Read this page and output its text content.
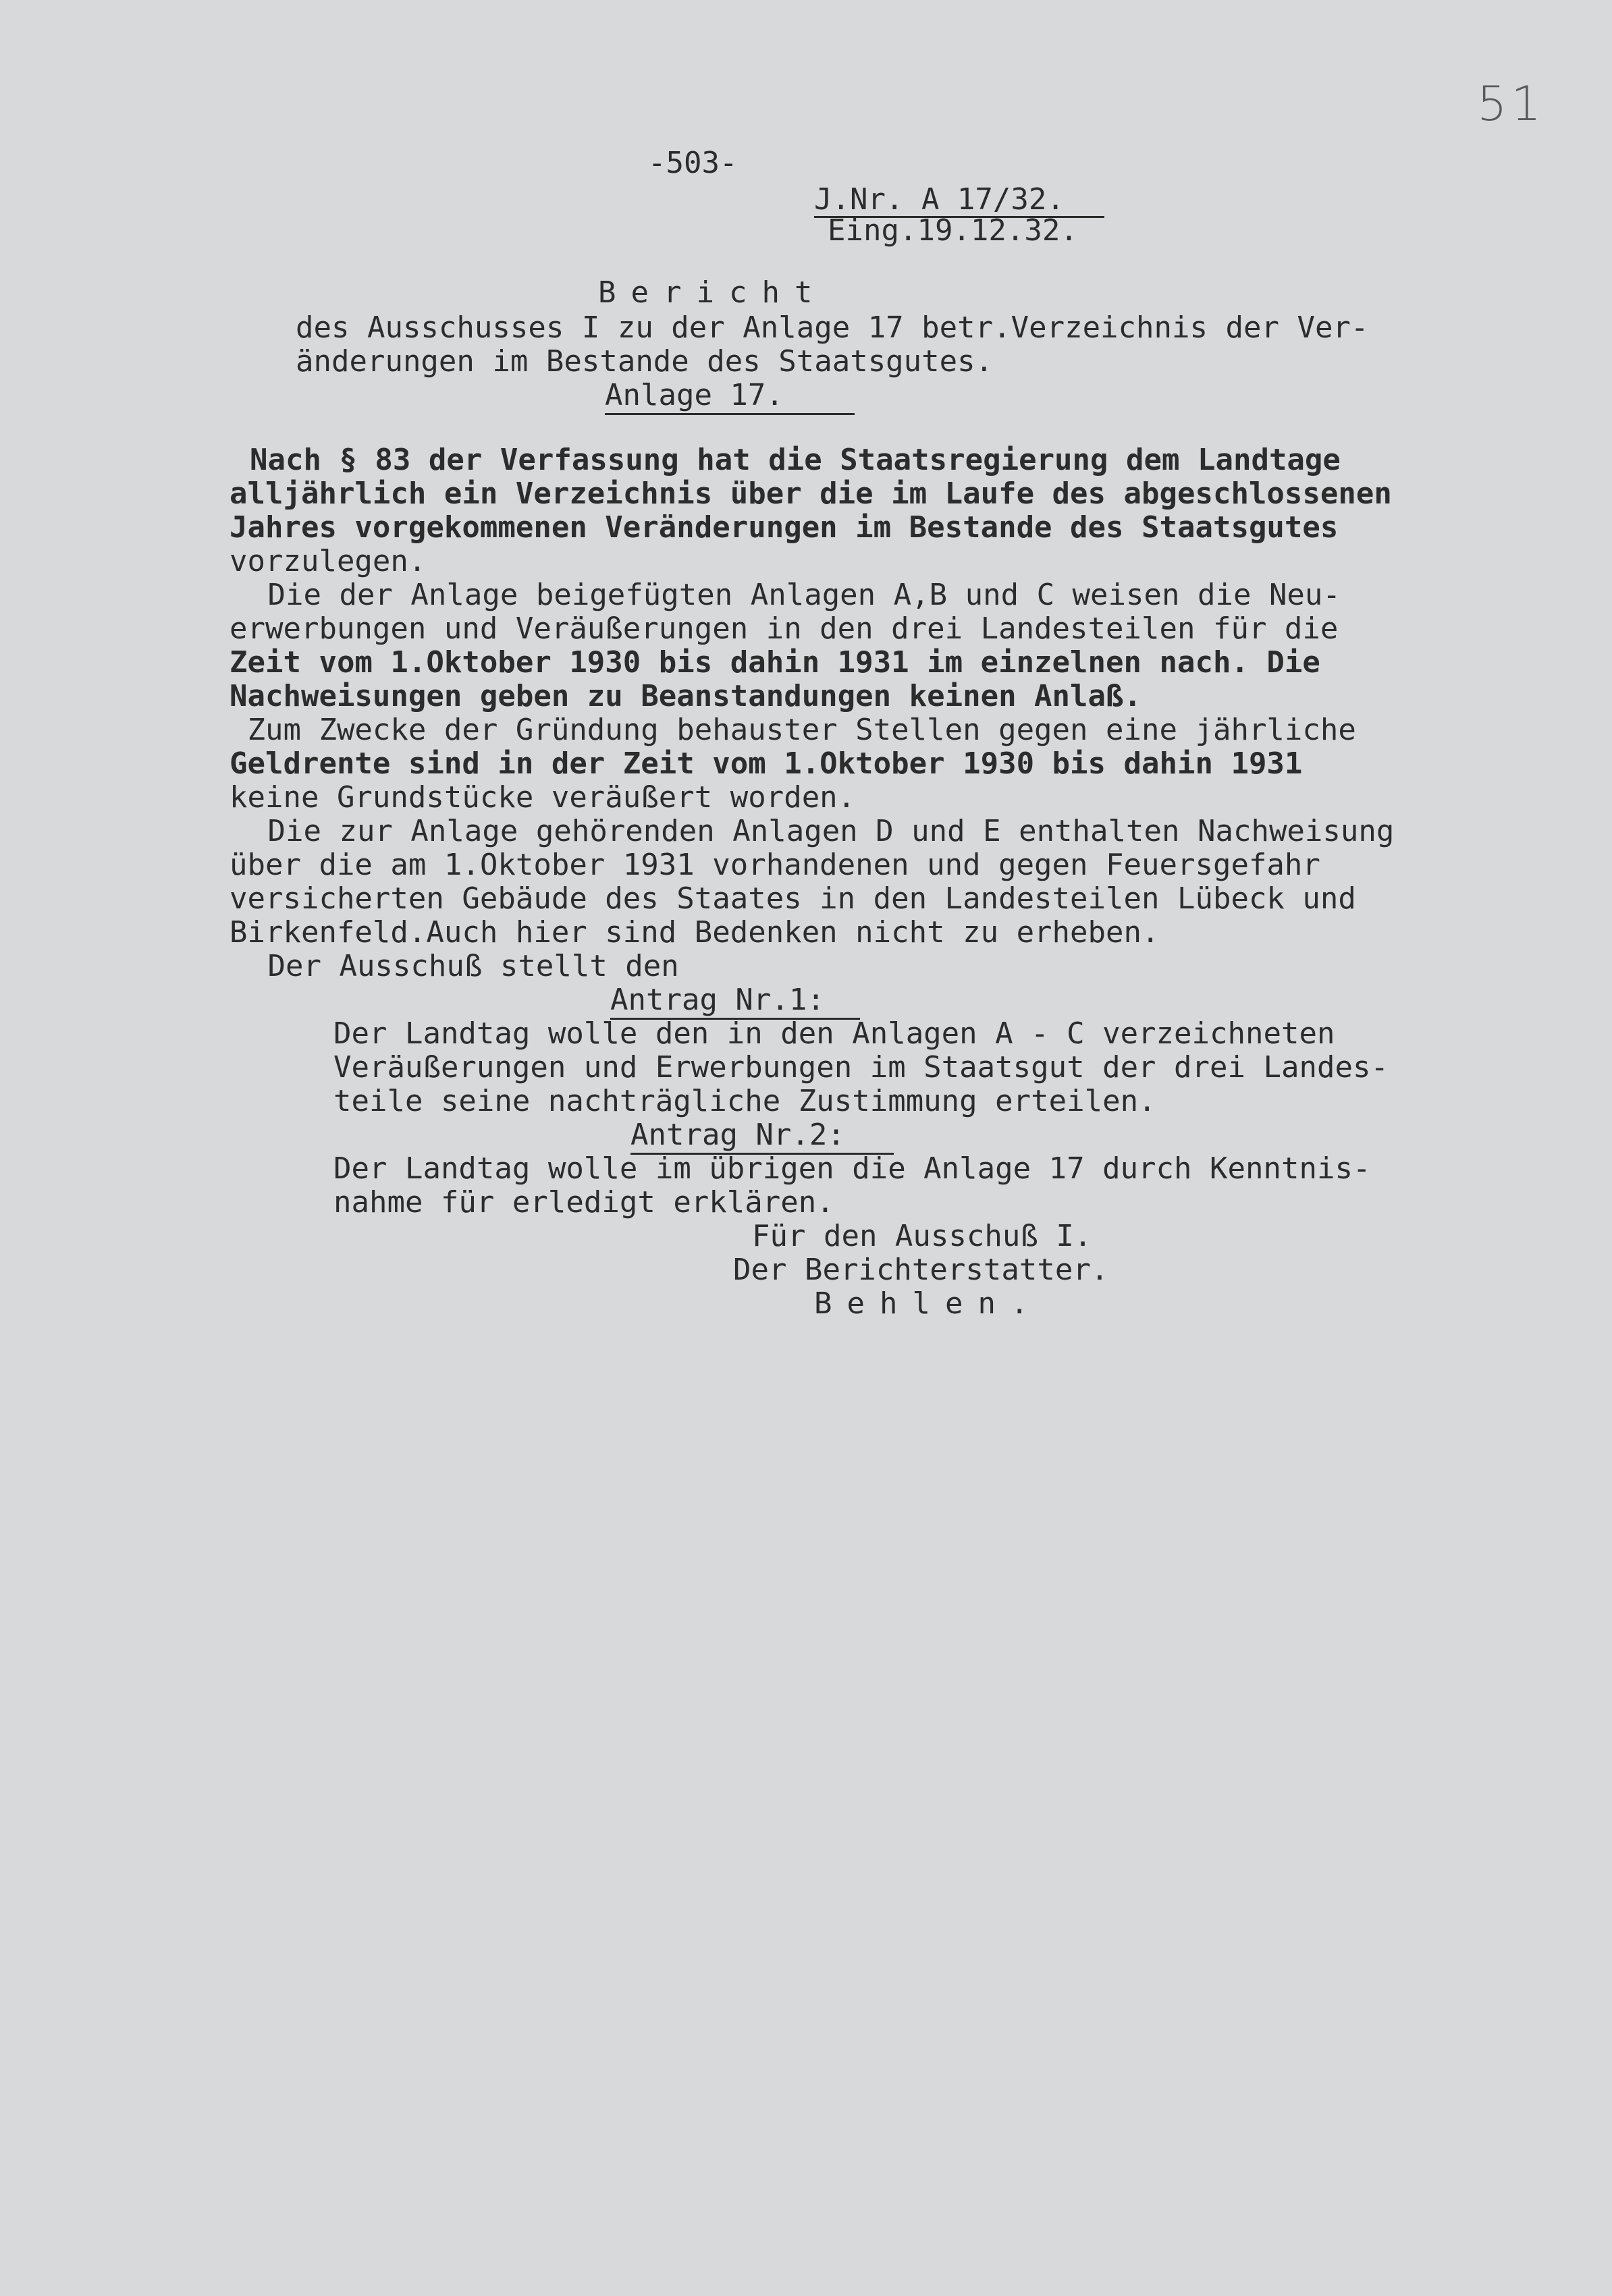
51
-503-
J.Nr. A 17/32.
Eing.19.12.32.
Bericht
des Ausschusses I zu der Anlage 17 betr.Verzeichnis der Ver-
änderungen im Bestande des Staatsgutes.
Anlage 17.
Nach § 83 der Verfassung hat die Staatsregierung dem Landtage
alljährlich ein Verzeichnis über die im Laufe des abgeschlossenen
Jahres vorgekommenen Veränderungen im Bestande des Staatsgutes
vorzulegen.
Die der Anlage beigefügten Anlagen A,B und C weisen die Neu-
erwerbungen und Veräußerungen in den drei Landesteilen für die
Zeit vom 1.Oktober 1930 bis dahin 1931 im einzelnen nach. Die
Nachweisungen geben zu Beanstandungen keinen Anlaß.
Zum Zwecke der Gründung behauster Stellen gegen eine jährliche
Geldrente sind in der Zeit vom 1.Oktober 1930 bis dahin 1931
keine Grundstücke veräußert worden.
Die zur Anlage gehörenden Anlagen D und E enthalten Nachweisung
über die am 1.Oktober 1931 vorhandenen und gegen Feuersgefahr
versicherten Gebäude des Staates in den Landesteilen Lübeck und
Birkenfeld.Auch hier sind Bedenken nicht zu erheben.
Der Ausschuß stellt den
Antrag Nr.1:
Der Landtag wolle den in den Anlagen A - C verzeichneten
Veräußerungen und Erwerbungen im Staatsgut der drei Landes-
teile seine nachträgliche Zustimmung erteilen.
Antrag Nr.2:
Der Landtag wolle im übrigen die Anlage 17 durch Kenntnis-
nahme für erledigt erklären.
Für den Ausschuß I.
Der Berichterstatter.
Behlen.
